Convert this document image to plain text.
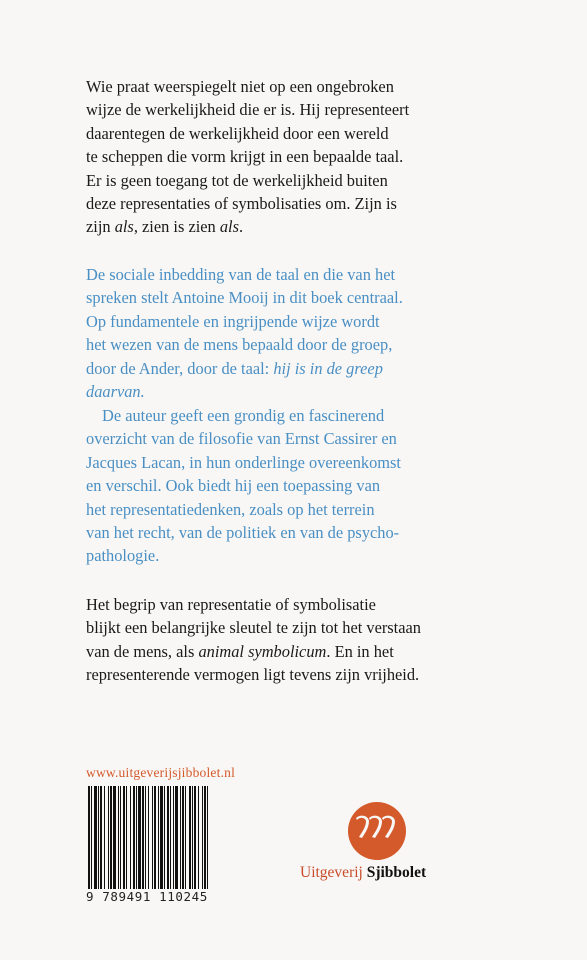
Wie praat weerspiegelt niet op een ongebroken
wijze de werkelijkheid die er is. Hij representeert
daarentegen de werkelijkheid door een wereld
te scheppen die vorm krijgt in een bepaalde taal.
Er is geen toegang tot de werkelijkheid buiten
deze representaties of symbolisaties om. Zijn is
zijn als, zien is zien als.

De sociale inbedding van de taal en die van het
spreken stelt Antoine Mooij in dit boek centraal.
Op fundamentele en ingrijpende wijze wordt
het wezen van de mens bepaald door de groep,
door de Ander, door de taal: hij is in de greep
daarvan.

De auteur geeft een grondig en fascinerend
overzicht van de filosofie van Ernst Cassirer en
Jacques Lacan, in hun onderlinge overeenkomst
en verschil. Ook biedt hij een toepassing van
het representatiedenken, zoals op het terrein
van het recht, van de politiek en van de psycho-
pathologie.

Het begrip van representatie of symbolisatie
blijkt een belangrijke sleutel te zijn tot het verstaan
van de mens, als animal symbolicum. En in het
representerende vermogen ligt tevens zijn vrijheid.

www.uitgeverijsjibbolet.nl
9 789491 110245
Uitgeverij Sjibbolet
